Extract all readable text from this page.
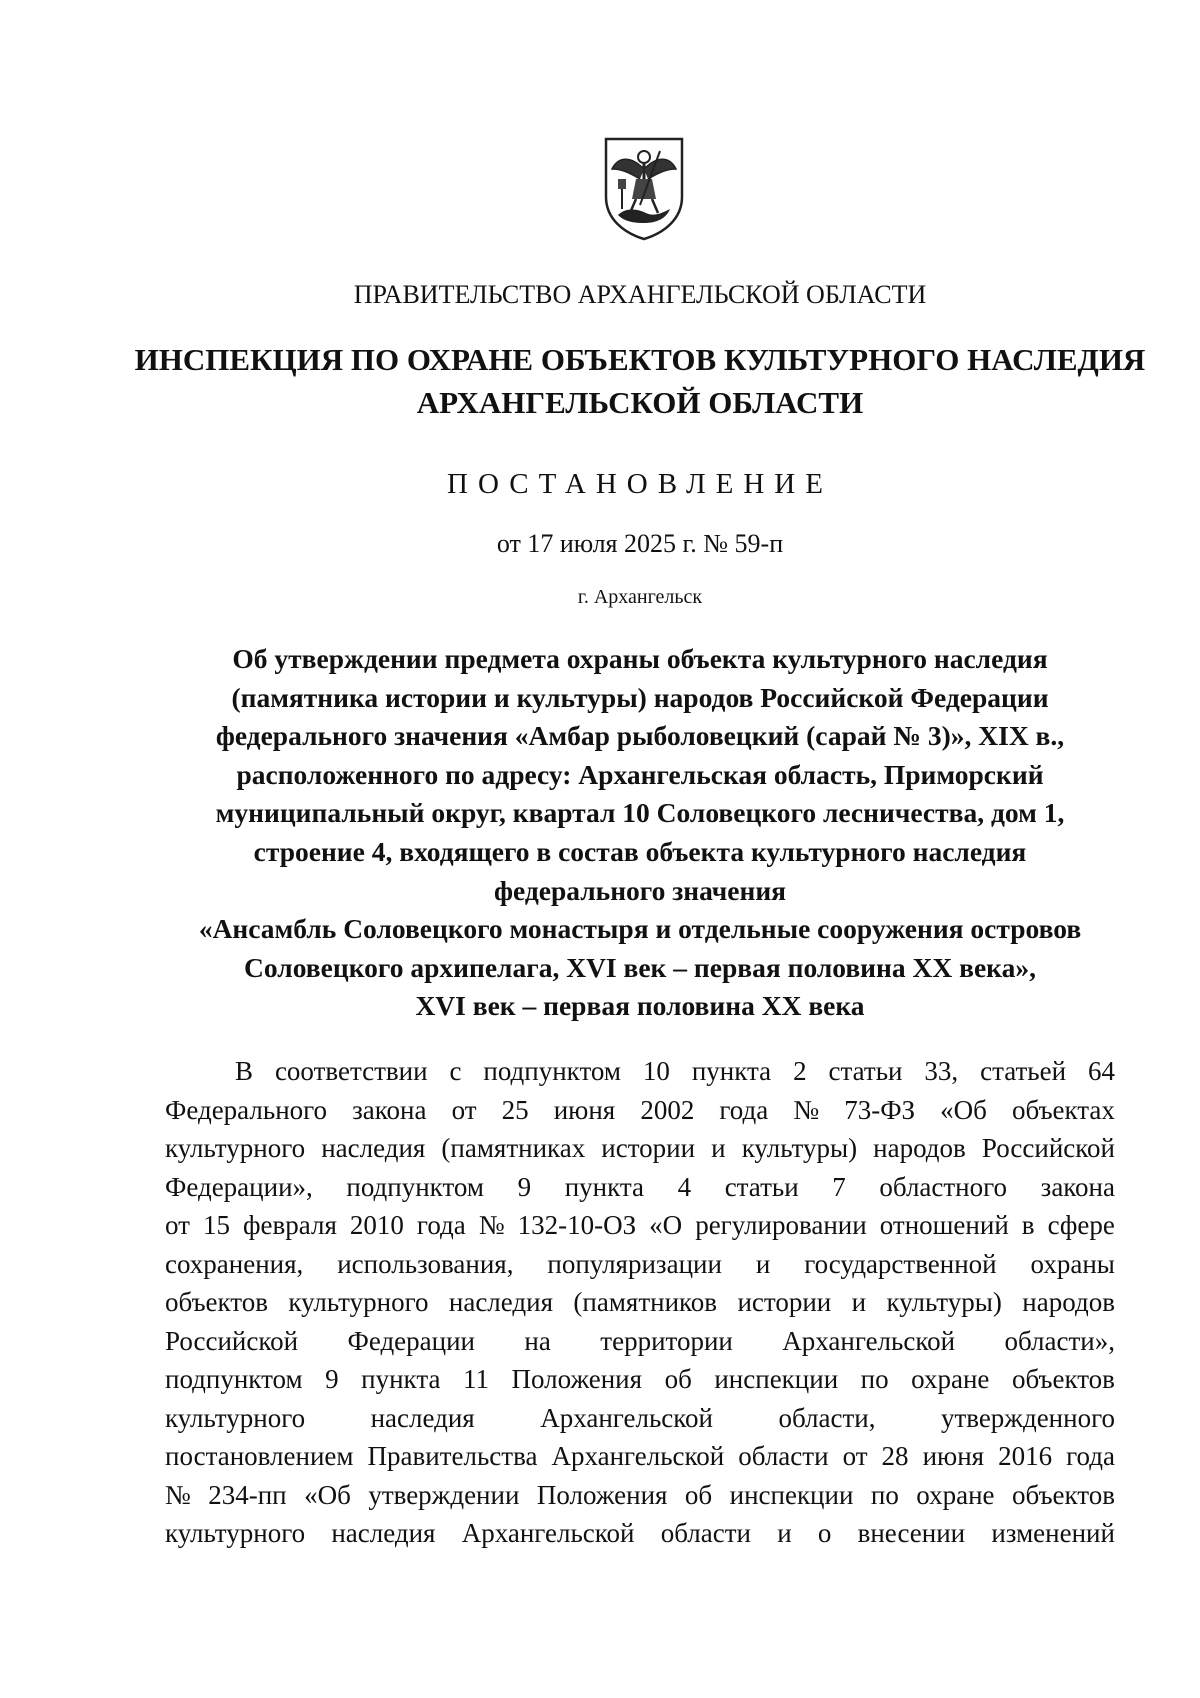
ПРАВИТЕЛЬСТВО АРХАНГЕЛЬСКОЙ ОБЛАСТИ
ИНСПЕКЦИЯ ПО ОХРАНЕ ОБЪЕКТОВ КУЛЬТУРНОГО НАСЛЕДИЯ
АРХАНГЕЛЬСКОЙ ОБЛАСТИ
ПОСТАНОВЛЕНИЕ
от 17 июля 2025 г. № 59-п
г. Архангельск
Об утверждении предмета охраны объекта культурного наследия
(памятника истории и культуры) народов Российской Федерации
федерального значения «Амбар рыболовецкий (сарай № 3)», XIX в.,
расположенного по адресу: Архангельская область, Приморский
муниципальный округ, квартал 10 Соловецкого лесничества, дом 1,
строение 4, входящего в состав объекта культурного наследия
федерального значения
«Ансамбль Соловецкого монастыря и отдельные сооружения островов
Соловецкого архипелага, XVI век – первая половина XX века»,
XVI век – первая половина XX века
В соответствии с подпунктом 10 пункта 2 статьи 33, статьей 64
Федерального закона от 25 июня 2002 года № 73-ФЗ «Об объектах
культурного наследия (памятниках истории и культуры) народов Российской
Федерации», подпунктом 9 пункта 4 статьи 7 областного закона
от 15 февраля 2010 года № 132-10-ОЗ «О регулировании отношений в сфере
сохранения, использования, популяризации и государственной охраны
объектов культурного наследия (памятников истории и культуры) народов
Российской Федерации на территории Архангельской области»,
подпунктом 9 пункта 11 Положения об инспекции по охране объектов
культурного наследия Архангельской области, утвержденного
постановлением Правительства Архангельской области от 28 июня 2016 года
№ 234-пп «Об утверждении Положения об инспекции по охране объектов
культурного наследия Архангельской области и о внесении изменений
